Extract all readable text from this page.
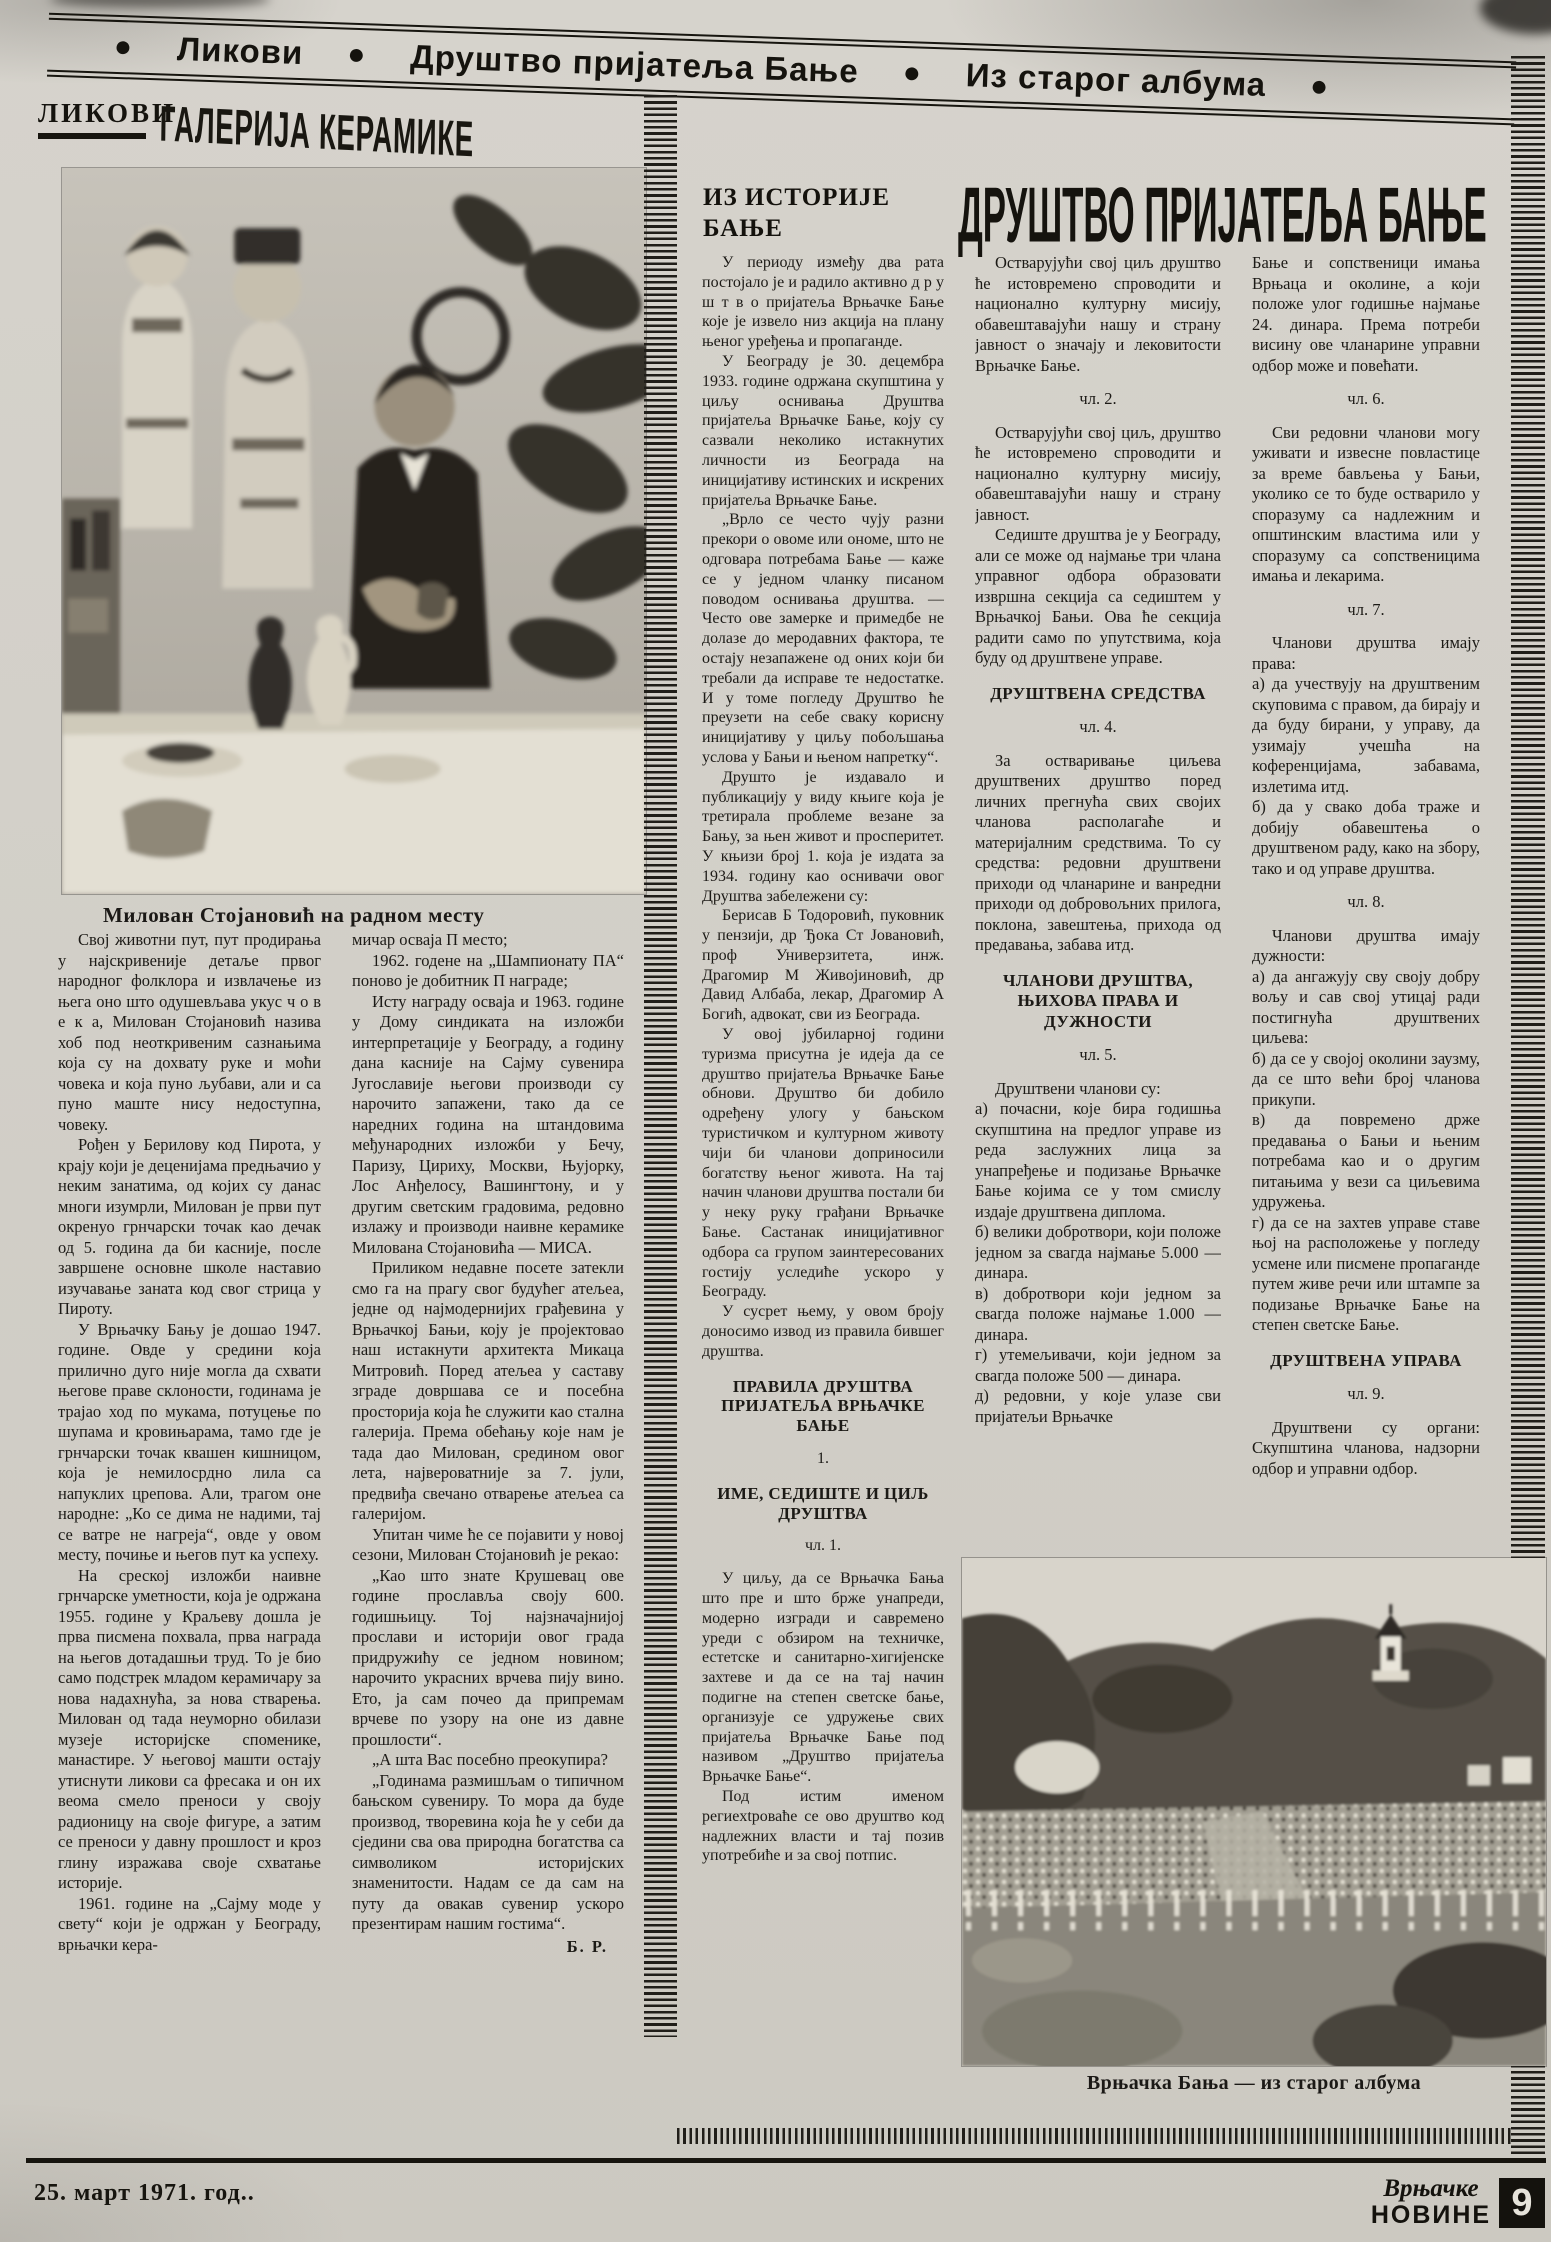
● Ликови ● Друштво пријатеља Бање ● Из старог албума ●
ЛИКОВИ
ГАЛЕРИЈА КЕРАМИКЕ
Милован Стојановић на радном месту

Свој животни пут, пут продирања у најскривеније детаље првог народног фолклора и извлачење из њега оно што одушевљава укус ч о в е к а, Милован Стојановић назива хоб под неоткривеним сазнањима која су на дохвату руке и моћи човека и која пуно љубави, али и са пуно маште нису недоступна, човеку.

Рођен у Берилову код Пирота, у крају који је деценијама предњачио у неким занатима, од којих су данас многи изумрли, Милован је први пут окренуо грнчарски точак као дечак од 5. година да би касније, после завршене основне школе наставио изучавање заната код свог стрица у Пироту.

У Врњачку Бању је дошао 1947. године. Овде у средини која прилично дуго није могла да схвати његове праве склоности, годинама је трајао ход по мукама, потуцење по шупама и кровињарама, тамо где је грнчарски точак квашен кишницом, која је немилосрдно лила са напуклих црепова. Али, трагом оне народне: „Ко се дима не надими, тај се ватре не нагреја“, овде у овом месту, почиње и његов пут ка успеху.

На среској изложби наивне грнчарске уметности, која је одржана 1955. године у Краљеву дошла је прва писмена похвала, прва награда на његов дотадашњи труд. То је био само подстрек младом керамичару за нова надахнућа, за нова стварења. Милован од тада неуморно обилази музеје историјске споменике, манастире. У његовој машти остају утиснути ликови са фресака и он их веома смело преноси у своју радионицу на своје фигуре, а затим се преноси у давну прошлост и кроз глину изражава своје схватање историје.

1961. године на „Сајму моде у свету“ који је одржан у Београду, врњачки кера-

мичар осваја П место;

1962. годене на „Шампионату ПА“ поново је добитник П награде;

Исту награду осваја и 1963. године у Дому синдиката на изложби интерпретације у Београду, а годину дана касније на Сајму сувенира Југославије његови производи су нарочито запажени, тако да се наредних година на штандовима међународних изложби у Бечу, Паризу, Цириху, Москви, Њујорку, Лос Анђелосу, Вашингтону, и у другим светским градовима, редовно излажу и производи наивне керамике Милована Стојановића — МИСА.

Приликом недавне посете затекли смо га на прагу свог будућег атељеа, једне од најмодернијих грађевина у Врњачкој Бањи, коју је пројектовао наш истакнути архитекта Микаца Митровић. Поред атељеа у саставу зграде довршава се и посебна просторија која ће служити као стална галерија. Према обећању које нам је тада дао Милован, средином овог лета, највероватније за 7. јули, предвиђа свечано отварење атељеа са галеријом.

Упитан чиме ће се појавити у новој сезони, Милован Стојановић је рекао:

„Као што знате Крушевац ове године прославља своју 600. годишњицу. Тој најзначајнијој прослави и историји овог града придружићу се једном новином; нарочито украсних врчева пију вино. Ето, ја сам почео да припремам врчеве по узору на оне из давне прошлости“.

„А шта Вас посебно преокупира?

„Годинама размишљам о типичном бањском сувениру. То мора да буде производ, творевина која ће у себи да сједини сва ова природна богатства са символиком историјских знаменитости. Надам се да сам на путу да овакав сувенир ускоро презентирам нашим гостима“.

Б. Р.

ИЗ ИСТОРИЈЕ БАЊЕ

У периоду између два рата постојало је и радило активно д р у ш т в о пријатеља Врњачке Бање које је извело низ акција на плану њеног уређења и пропаганде.

У Београду је 30. децембра 1933. године одржана скупштина у циљу оснивања Друштва пријатеља Врњачке Бање, коју су сазвали неколико истакнутих личности из Београда на иницијативу истинских и искрених пријатеља Врњачке Бање.

„Врло се често чују разни прекори о овоме или ономе, што не одговара потребама Бање — каже се у једном чланку писаном поводом оснивања друштва. — Често ове замерке и примедбе не долазе до меродавних фактора, те остају незапажене од оних који би требали да исправе те недостатке. И у томе погледу Друштво ће преузети на себе сваку корисну иницијативу у циљу побољшања услова у Бањи и њеном напретку“.

Друшто је издавало и публикацију у виду књиге која је третирала проблеме везане за Бању, за њен живот и просперитет. У књизи број 1. која је издата за 1934. годину као оснивачи овог Друштва забележени су:

Берисав Б Тодоровић, пуковник у пензији, др Ђока Ст Јовановић, проф Универзитета, инж. Драгомир М Живојиновић, др Давид Албаба, лекар, Драгомир А Богић, адвокат, сви из Београда.

У овој јубиларној години туризма присутна је идеја да се друштво пријатеља Врњачке Бање обнови. Друштво би добило одређену улогу у бањском туристичком и културном животу чији би чланови доприносили богатству њеног живота. На тај начин чланови друштва постали би у неку руку грађани Врњачке Бање. Састанак иницијативног одбора са групом заинтересованих гостију уследиће ускоро у Београду.

У сусрет њему, у овом броју доносимо извод из правила бившег друштва.

ПРАВИЛА ДРУШТВА ПРИЈАТЕЉА ВРЊАЧКЕ БАЊЕ

1.

ИМЕ, СЕДИШТЕ И ЦИЉ ДРУШТВА

чл. 1.

У циљу, да се Врњачка Бања што пре и што брже унапреди, модерно изгради и савремено уреди с обзиром на техничке, естетске и санитарно-хигијенске захтеве и да се на тај начин подигне на степен светске бање, организује се удружење свих пријатеља Врњачке Бање под називом „Друштво пријатеља Врњачке Бање“.

Под истим именом региextроваће се ово друштво код надлежних власти и тај позив употребиће и за свој потпис.

ДРУШТВО ПРИЈАТЕЉА БАЊЕ

Остварујући свој циљ друштво ће истовремено спроводити и национално културну мисију, обавештавајући нашу и страну јавност о значају и лековитости Врњачке Бање.

чл. 2.

Остварујући свој циљ, друштво ће истовремено спроводити и национално културну мисију, обавештавајући нашу и страну јавност.

Седиште друштва је у Београду, али се може од најмање три члана управног одбора образовати извршна секција са седиштем у Врњачкој Бањи. Ова ће секција радити само по упутствима, која буду од друштвене управе.

ДРУШТВЕНА СРЕДСТВА

чл. 4.

За остваривање циљева друштвених друштво поред личних прегнућа свих својих чланова располагаће и материјалним средствима. То су средства: редовни друштвени приходи од чланарине и ванредни приходи од добровољних прилога, поклона, завештења, прихода од предавања, забава итд.

ЧЛАНОВИ ДРУШТВА, ЊИХОВА ПРАВА И ДУЖНОСТИ

чл. 5.

Друштвени чланови су:

а) почасни, које бира годишња скупштина на предлог управе из реда заслужних лица за унапређење и подизање Врњачке Бање којима се у том смислу издаје друштвена диплома.

б) велики добротвори, који положе једном за свагда најмање 5.000 — динара.

в) добротвори који једном за свагда положе најмање 1.000 — динара.

г) утемељивачи, који једном за свагда положе 500 — динара.

д) редовни, у које улазе сви пријатељи Врњачке

Бање и сопственици имања Врњаца и околине, а који положе улог годишње најмање 24. динара. Према потреби висину ове чланарине управни одбор може и повећати.

чл. 6.

Сви редовни чланови могу уживати и извесне повластице за време бављења у Бањи, уколико се то буде остварило у споразуму са надлежним и општинским властима или у споразуму са сопственицима имања и лекарима.

чл. 7.

Чланови друштва имају права:

а) да учествују на друштвеним скуповима с правом, да бирају и да буду бирани, у управу, да узимају учешћа на коференцијама, забавама, излетима итд.

б) да у свако доба траже и добију обавештења о друштвеном раду, како на збору, тако и од управе друштва.

чл. 8.

Чланови друштва имају дужности:

а) да ангажују сву своју добру вољу и сав свој утицај ради постигнућа друштвених циљева:

б) да се у својој околини заузму, да се што већи број чланова прикупи.

в) да повремено држе предавања о Бањи и њеним потребама као и о другим питањима у вези са циљевима удружења.

г) да се на захтев управе ставе њој на расположење у погледу усмене или писмене пропаганде путем живе речи или штампе за подизање Врњачке Бање на степен светске Бање.

ДРУШТВЕНА УПРАВА

чл. 9.

Друштвени су органи: Скупштина чланова, надзорни одбор и управни одбор.

Врњачка Бања — из старог албума
25. март 1971. год..	Врњачке
НОВИНЕ 9
